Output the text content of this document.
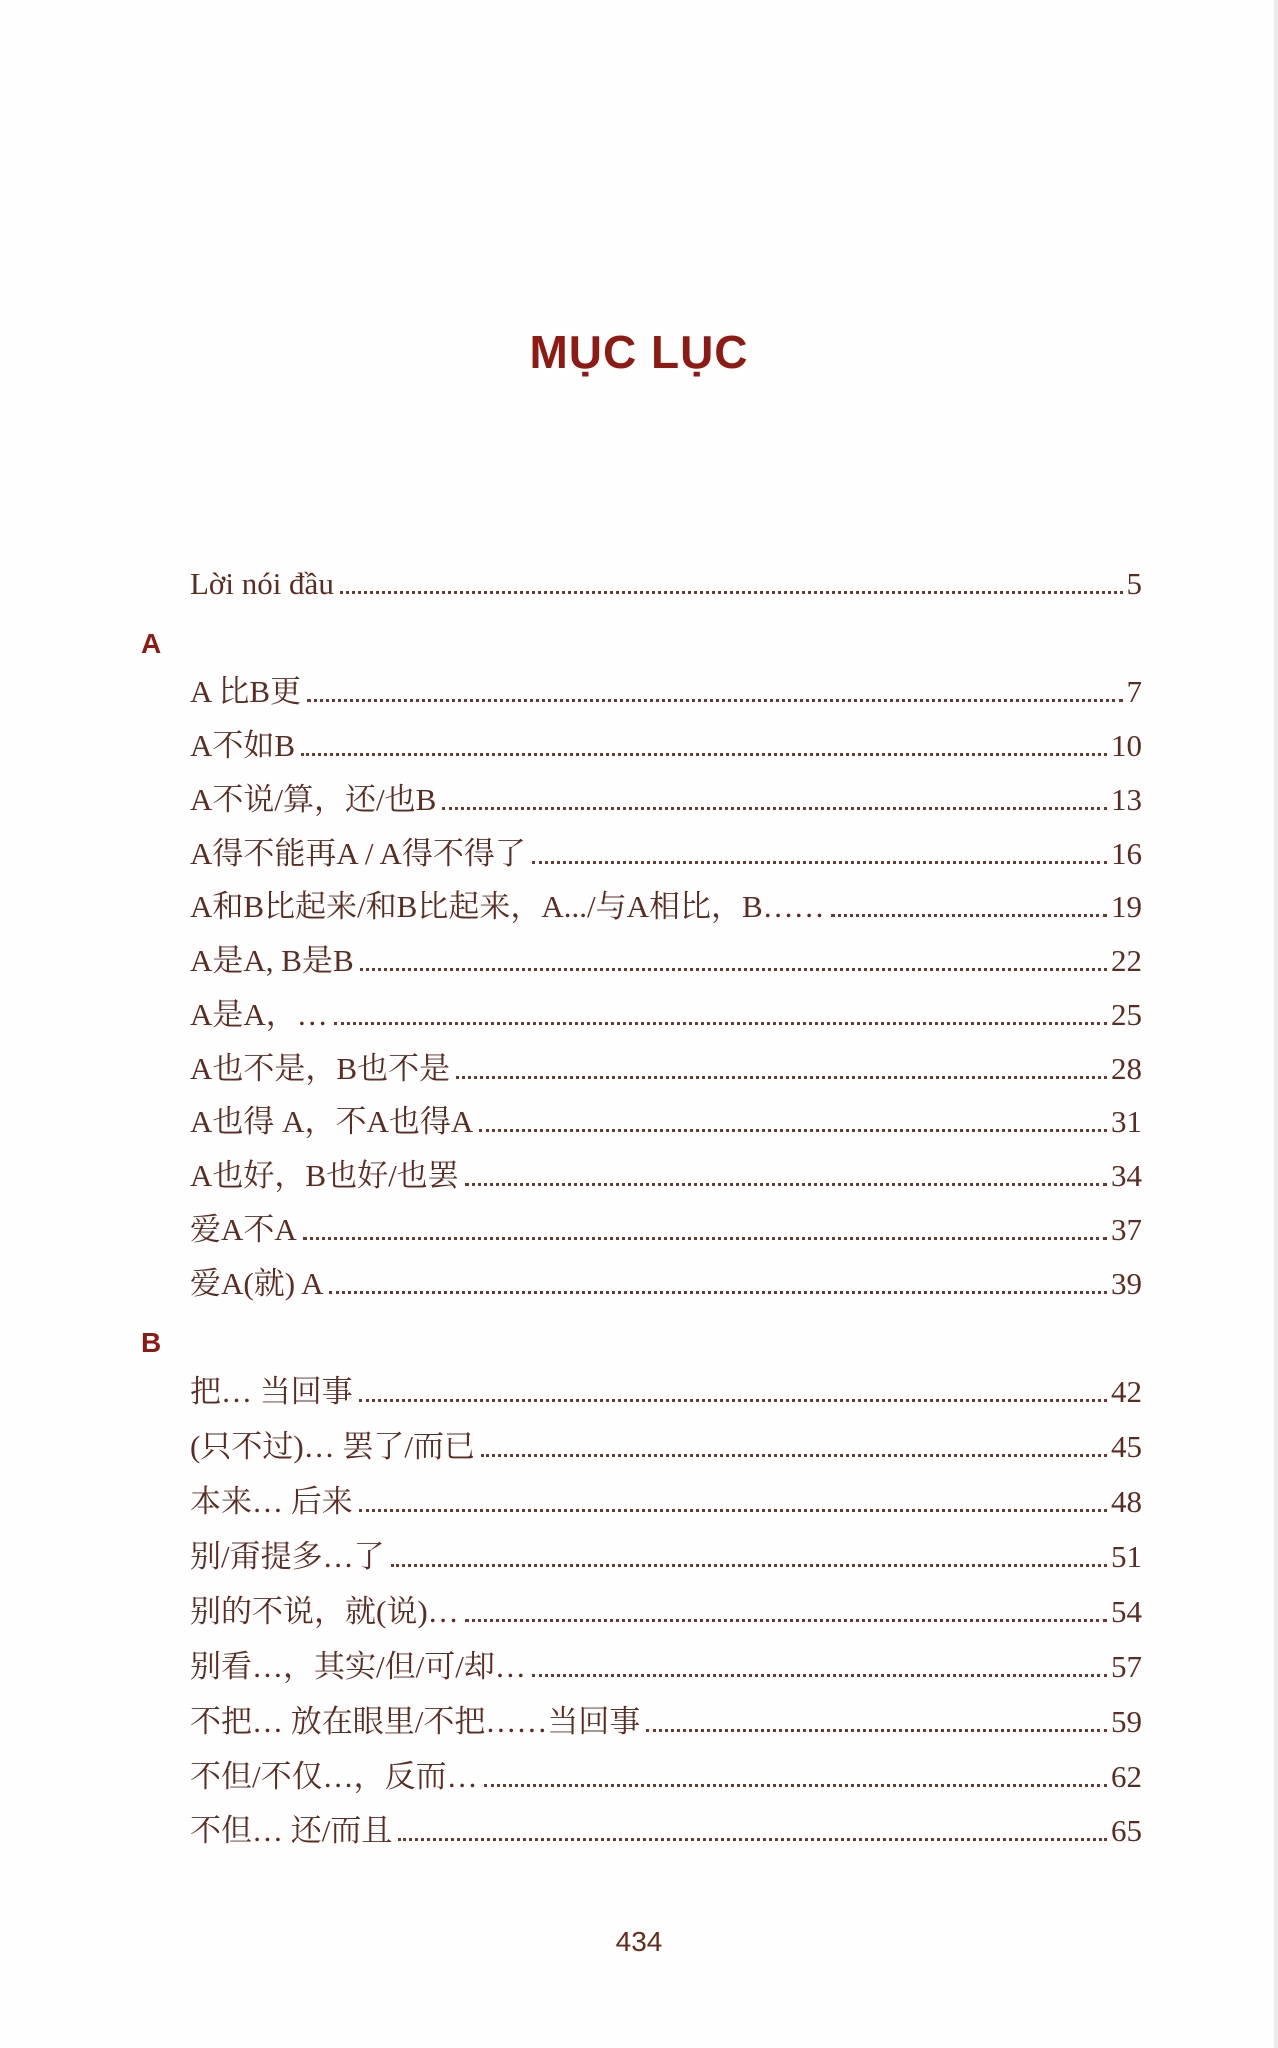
MỤC LỤC
Lời nói đầu	5
A
A 比B更	7
A不如B	10
A不说/算，还/也B	13
A得不能再A / A得不得了	16
A和B比起来/和B比起来，A.../与A相比，B……	19
A是A, B是B	22
A是A，…	25
A也不是，B也不是	28
A也得 A，不A也得A	31
A也好，B也好/也罢	34
爱A不A	37
爱A(就) A	39
B
把… 当回事	42
(只不过)… 罢了/而已	45
本来… 后来	48
别/甭提多…了	51
别的不说，就(说)…	54
别看…，其实/但/可/却…	57
不把… 放在眼里/不把……当回事	59
不但/不仅…，反而…	62
不但… 还/而且	65
434
